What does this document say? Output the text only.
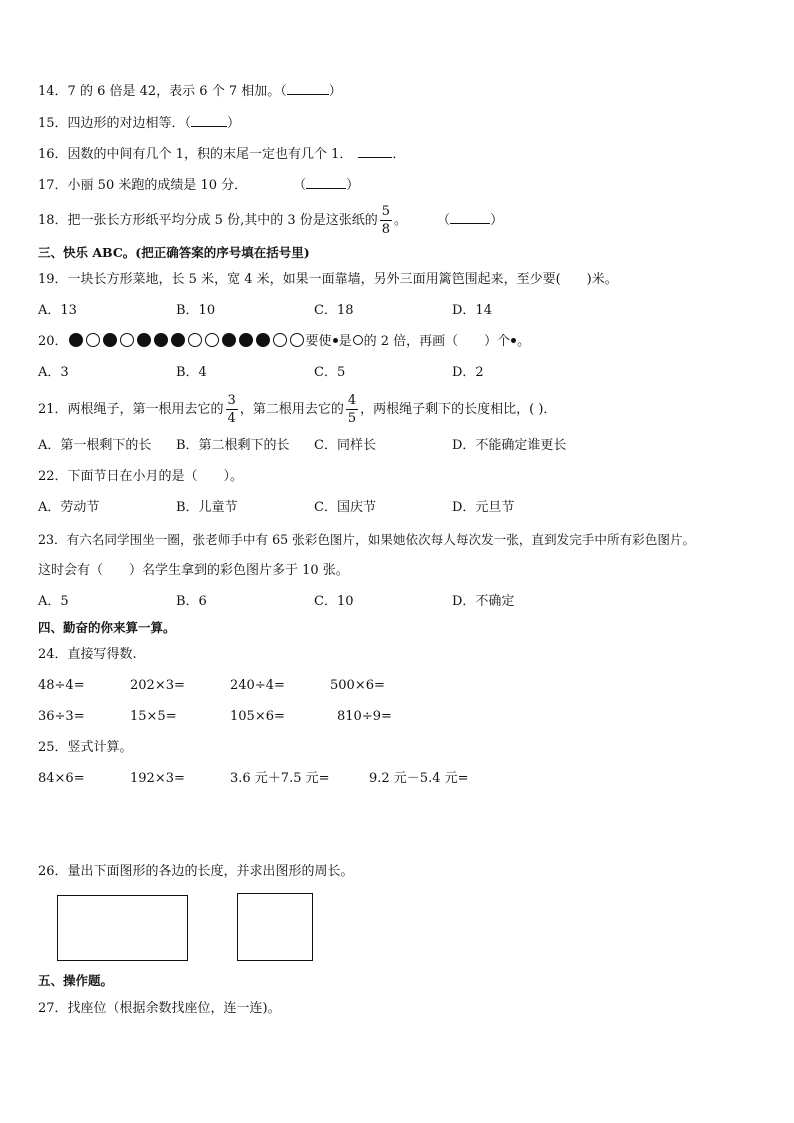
14．7 的 6 倍是 42，表示 6 个 7 相加。（	）
15．四边形的对边相等．（	）
16．因数的中间有几个 1，积的末尾一定也有几个 1．	．
17．小丽 50 米跑的成绩是 10 分．	（	）
18．把一张长方形纸平均分成 5 份,其中的 3 份是这张纸的 $\frac{5}{8}$ 。 （	）
三、快乐 ABC。(把正确答案的序号填在括号里)
19．一块长方形菜地，长 5 米，宽 4 米，如果一面靠墙，另外三面用篱笆围起来，至少要(　　)米。
A．13	B．10	C．18	D．14
20．	要使 是 的 2 倍，再画（　　）个 。
A．3	B．4	C．5	D．2
21．两根绳子，第一根用去它的 $\frac{3}{4}$ ，第二根用去它的 $\frac{4}{5}$ ，两根绳子剩下的长度相比，( )．
A．第一根剩下的长 B．第二根剩下的长 C．同样长	D．不能确定谁更长
22．下面节日在小月的是（　　）。
A．劳动节	B．儿童节	C．国庆节	D．元旦节
23．有六名同学围坐一圈，张老师手中有 65 张彩色图片，如果她依次每人每次发一张，直到发完手中所有彩色图片。
这时会有（　　）名学生拿到的彩色图片多于 10 张。
A．5	B．6	C．10	D．不确定
四、勤奋的你来算一算。
24．直接写得数.
48÷4=	202×3=	240÷4=	500×6=
36÷3=	15×5=	105×6=	810÷9=
25．竖式计算。
84×6=	192×3=	3.6 元＋7.5 元=	9.2 元－5.4 元=
26．量出下面图形的各边的长度，并求出图形的周长。
五、操作题。
27．找座位（根据余数找座位，连一连)。
